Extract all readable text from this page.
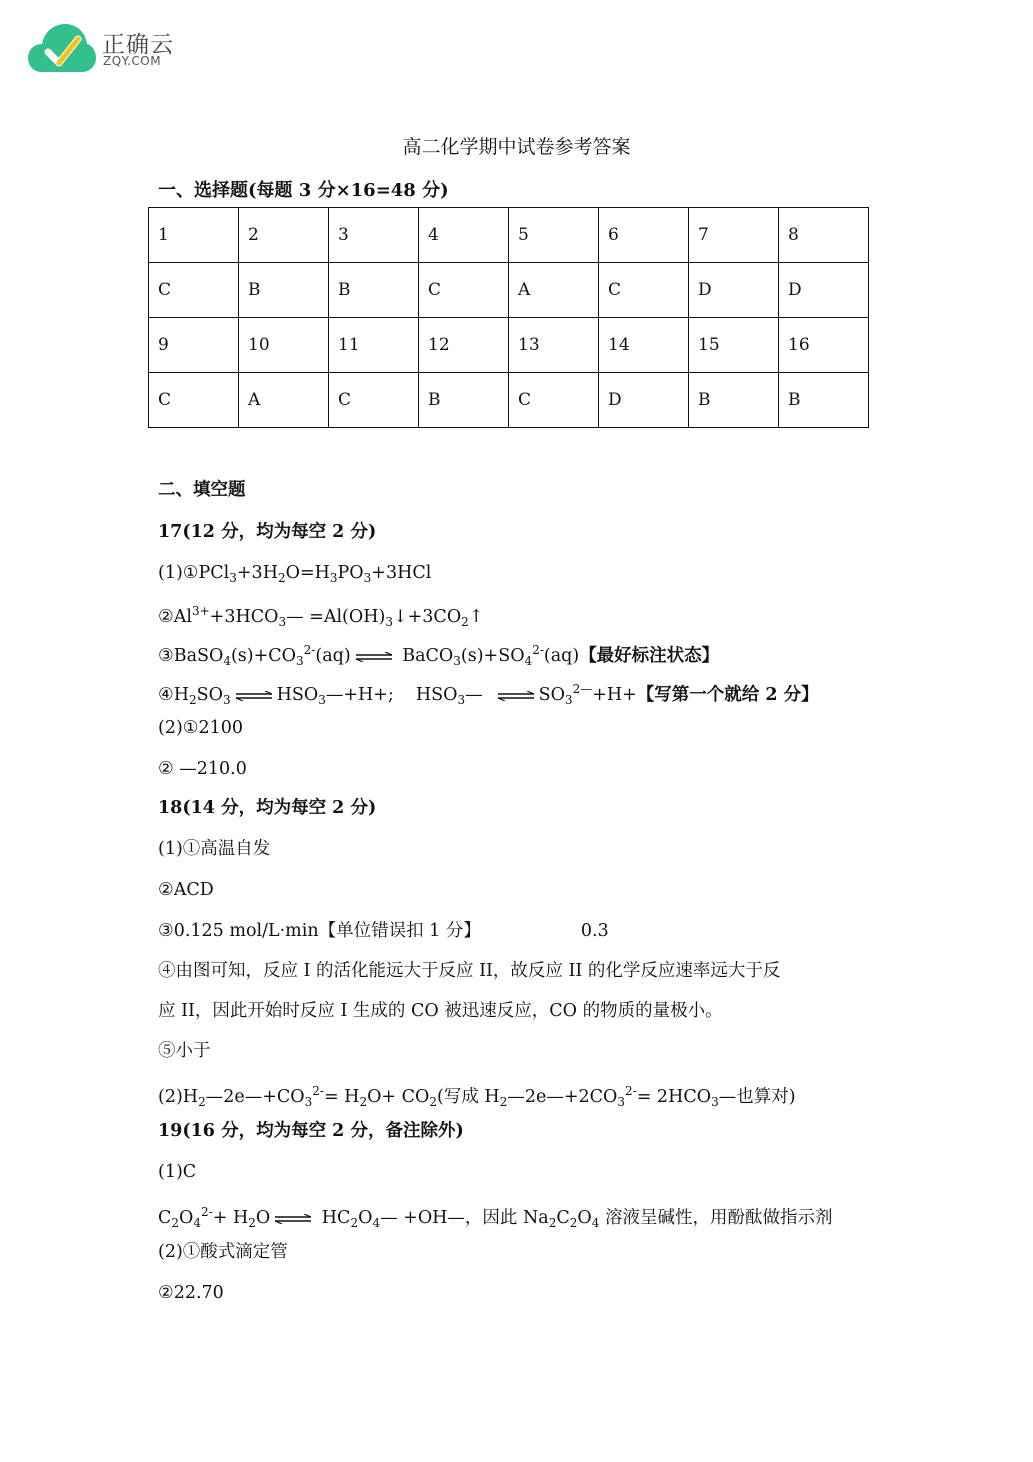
正确云
ZQY.COM
高二化学期中试卷参考答案
一、选择题(每题 3 分×16=48 分)
1	2	3	4	5	6	7	8
C	B	B	C	A	C	D	D
9	10	11	12	13	14	15	16
C	A	C	B	C	D	B	B
二、填空题
17(12 分，均为每空 2 分)
$(1)①PCl_3+3H_2O=H_3PO_3+3HCl$
$②Al^{3+}+3HCO_3—$ $=Al(OH)_3↓+3CO_2↑$
$③BaSO_4(s)+CO_3^{2-}(aq)$ ⇌ $BaCO_3(s)+SO_4^{2-}(aq)$【最好标注状态】
$④H_2SO_3$ ⇌ $HSO_3—+H+$; $HSO_3—$ ⇌ $SO_3^{2—}+H+$【写第一个就给 2 分】
(2)①2100
② —210.0
18(14 分，均为每空 2 分)
(1)①高温自发
②ACD
③0.125 mol/L·min【单位错误扣 1 分】	0.3
④由图可知，反应 I 的活化能远大于反应 II，故反应 II 的化学反应速率远大于反
应 II，因此开始时反应 I 生成的 CO 被迅速反应，CO 的物质的量极小。
⑤小于
$(2)H_2—2e—+CO_3^{2-}= H_2O+ CO_2$(写成 $H_2—2e—+2CO_3^{2-}=$ $2HCO_3—$也算对)
19(16 分，均为每空 2 分，备注除外)
(1)C
$C_2O_4^{2-}+ H_2O$ ⇌ $HC_2O_4—$ +OH—，因此 $Na_2C_2O_4$ 溶液呈碱性，用酚酞做指示剂
(2)①酸式滴定管
②22.70
